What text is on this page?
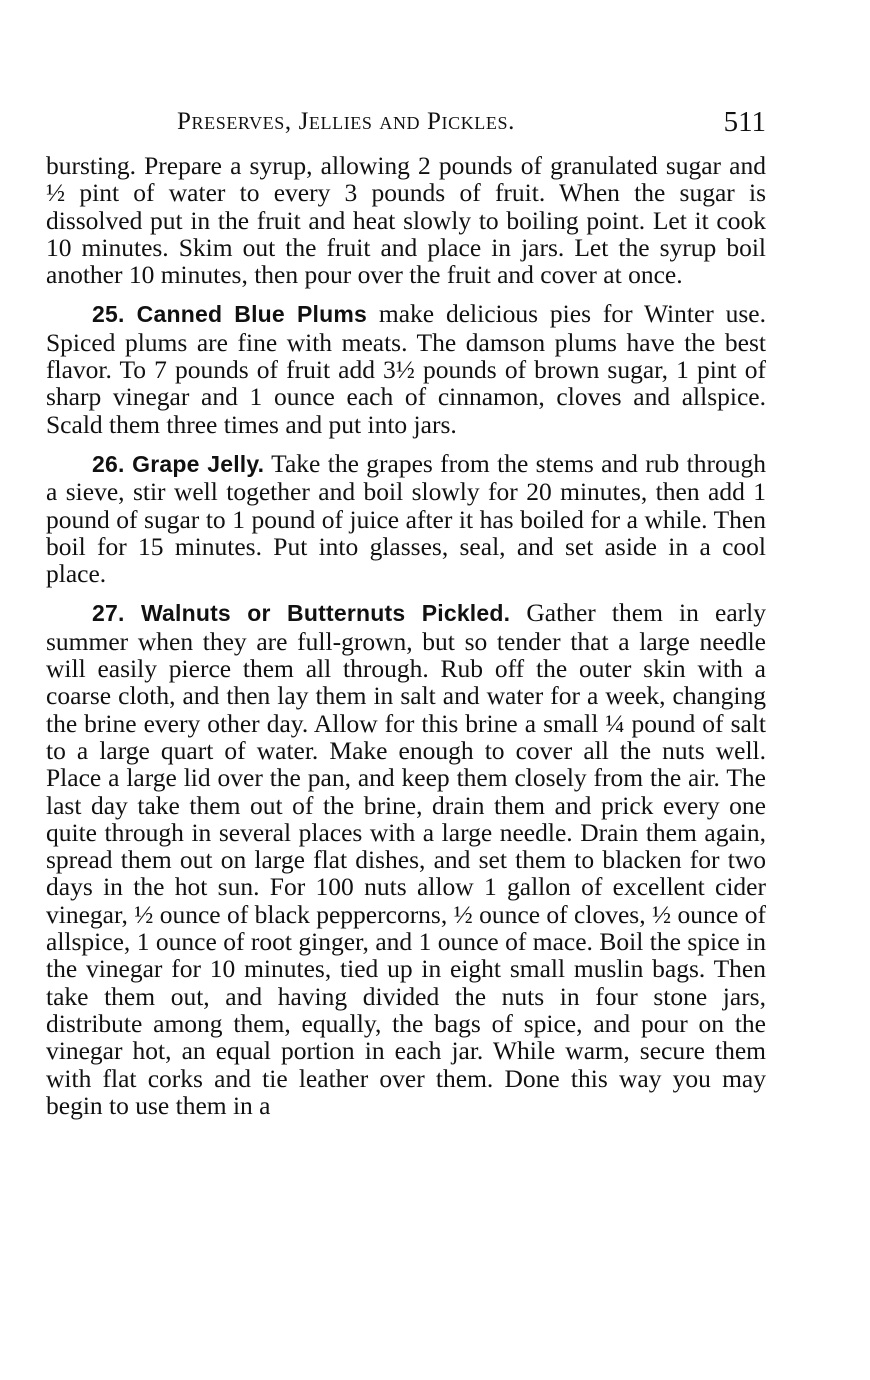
Preserves, Jellies and Pickles.	511

bursting. Prepare a syrup, allowing 2 pounds of granulated sugar and ½ pint of water to every 3 pounds of fruit. When the sugar is dissolved put in the fruit and heat slowly to boiling point. Let it cook 10 minutes. Skim out the fruit and place in jars. Let the syrup boil another 10 minutes, then pour over the fruit and cover at once.

25. Canned Blue Plums make delicious pies for Winter use. Spiced plums are fine with meats. The damson plums have the best flavor. To 7 pounds of fruit add 3½ pounds of brown sugar, 1 pint of sharp vinegar and 1 ounce each of cinnamon, cloves and allspice. Scald them three times and put into jars.

26. Grape Jelly. Take the grapes from the stems and rub through a sieve, stir well together and boil slowly for 20 minutes, then add 1 pound of sugar to 1 pound of juice after it has boiled for a while. Then boil for 15 minutes. Put into glasses, seal, and set aside in a cool place.

27. Walnuts or Butternuts Pickled. Gather them in early summer when they are full-grown, but so tender that a large needle will easily pierce them all through. Rub off the outer skin with a coarse cloth, and then lay them in salt and water for a week, changing the brine every other day. Allow for this brine a small ¼ pound of salt to a large quart of water. Make enough to cover all the nuts well. Place a large lid over the pan, and keep them closely from the air. The last day take them out of the brine, drain them and prick every one quite through in several places with a large needle. Drain them again, spread them out on large flat dishes, and set them to blacken for two days in the hot sun. For 100 nuts allow 1 gallon of excellent cider vinegar, ½ ounce of black peppercorns, ½ ounce of cloves, ½ ounce of allspice, 1 ounce of root ginger, and 1 ounce of mace. Boil the spice in the vinegar for 10 minutes, tied up in eight small muslin bags. Then take them out, and having divided the nuts in four stone jars, distribute among them, equally, the bags of spice, and pour on the vinegar hot, an equal portion in each jar. While warm, secure them with flat corks and tie leather over them. Done this way you may begin to use them in a
